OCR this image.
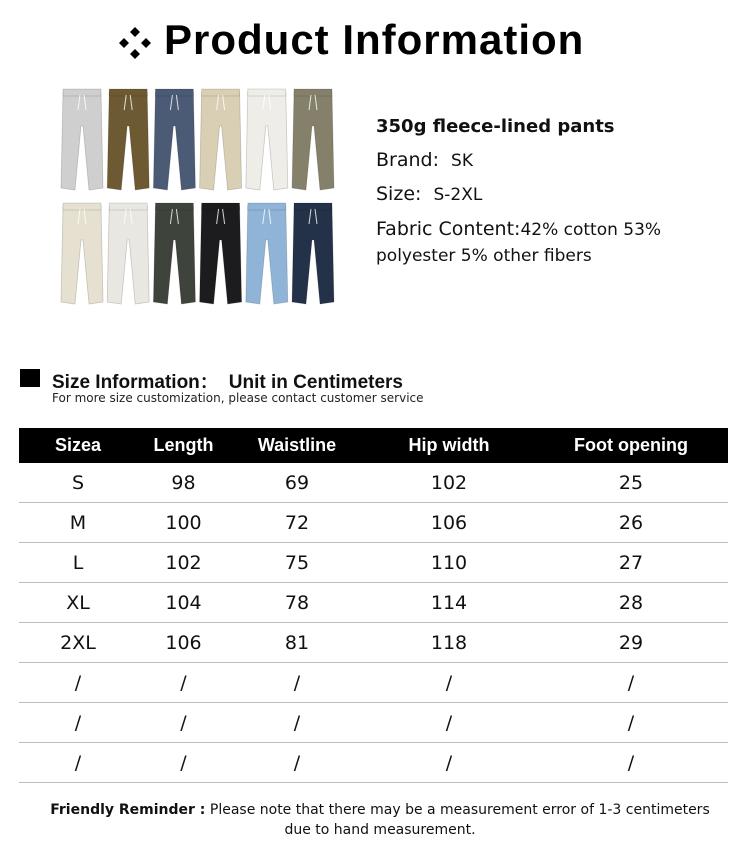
Product Information
350g fleece-lined pants
Brand: SK
Size: S-2XL
Fabric Content:42% cotton 53% polyester 5% other fibers
Size Information： Unit in Centimeters
For more size customization, please contact customer service
Sizea	Length	Waistline	Hip width	Foot opening
S	98	69	102	25
M	100	72	106	26
L	102	75	110	27
XL	104	78	114	28
2XL	106	81	118	29
/	/	/	/	/
/	/	/	/	/
/	/	/	/	/
Friendly Reminder : Please note that there may be a measurement error of 1-3 centimeters due to hand measurement.
